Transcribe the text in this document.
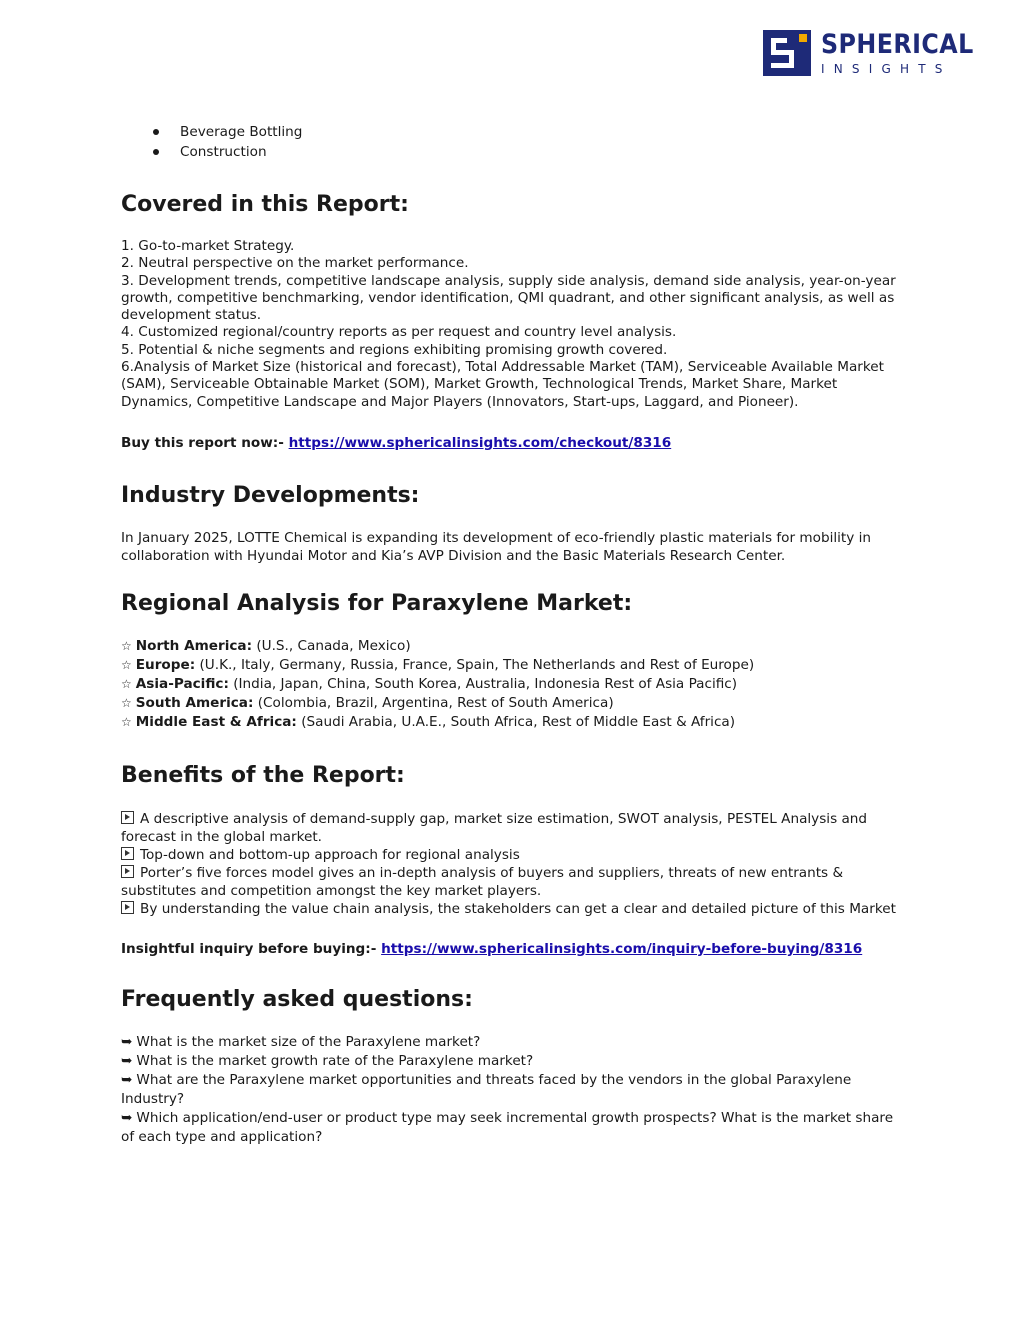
SPHERICAL
INSIGHTS
Beverage Bottling
Construction
Covered in this Report:

1. Go-to-market Strategy.

2. Neutral perspective on the market performance.

3. Development trends, competitive landscape analysis, supply side analysis, demand side analysis, year-on-year growth, competitive benchmarking, vendor identification, QMI quadrant, and other significant analysis, as well as development status.

4. Customized regional/country reports as per request and country level analysis.

5. Potential & niche segments and regions exhibiting promising growth covered.

6.Analysis of Market Size (historical and forecast), Total Addressable Market (TAM), Serviceable Available Market (SAM), Serviceable Obtainable Market (SOM), Market Growth, Technological Trends, Market Share, Market Dynamics, Competitive Landscape and Major Players (Innovators, Start-ups, Laggard, and Pioneer).

Buy this report now:- https://www.sphericalinsights.com/checkout/8316

Industry Developments:

In January 2025, LOTTE Chemical is expanding its development of eco-friendly plastic materials for mobility in collaboration with Hyundai Motor and Kia’s AVP Division and the Basic Materials Research Center.

Regional Analysis for Paraxylene Market:
☆ North America: (U.S., Canada, Mexico)
☆ Europe: (U.K., Italy, Germany, Russia, France, Spain, The Netherlands and Rest of Europe)
☆ Asia-Pacific: (India, Japan, China, South Korea, Australia, Indonesia Rest of Asia Pacific)
☆ South America: (Colombia, Brazil, Argentina, Rest of South America)
☆ Middle East & Africa: (Saudi Arabia, U.A.E., South Africa, Rest of Middle East & Africa)
Benefits of the Report:
A descriptive analysis of demand-supply gap, market size estimation, SWOT analysis, PESTEL Analysis and forecast in the global market.
Top-down and bottom-up approach for regional analysis
Porter’s five forces model gives an in-depth analysis of buyers and suppliers, threats of new entrants & substitutes and competition amongst the key market players.
By understanding the value chain analysis, the stakeholders can get a clear and detailed picture of this Market

Insightful inquiry before buying:- https://www.sphericalinsights.com/inquiry-before-buying/8316

Frequently asked questions:
➥ What is the market size of the Paraxylene market?
➥ What is the market growth rate of the Paraxylene market?
➥ What are the Paraxylene market opportunities and threats faced by the vendors in the global Paraxylene Industry?
➥ Which application/end-user or product type may seek incremental growth prospects? What is the market share of each type and application?
